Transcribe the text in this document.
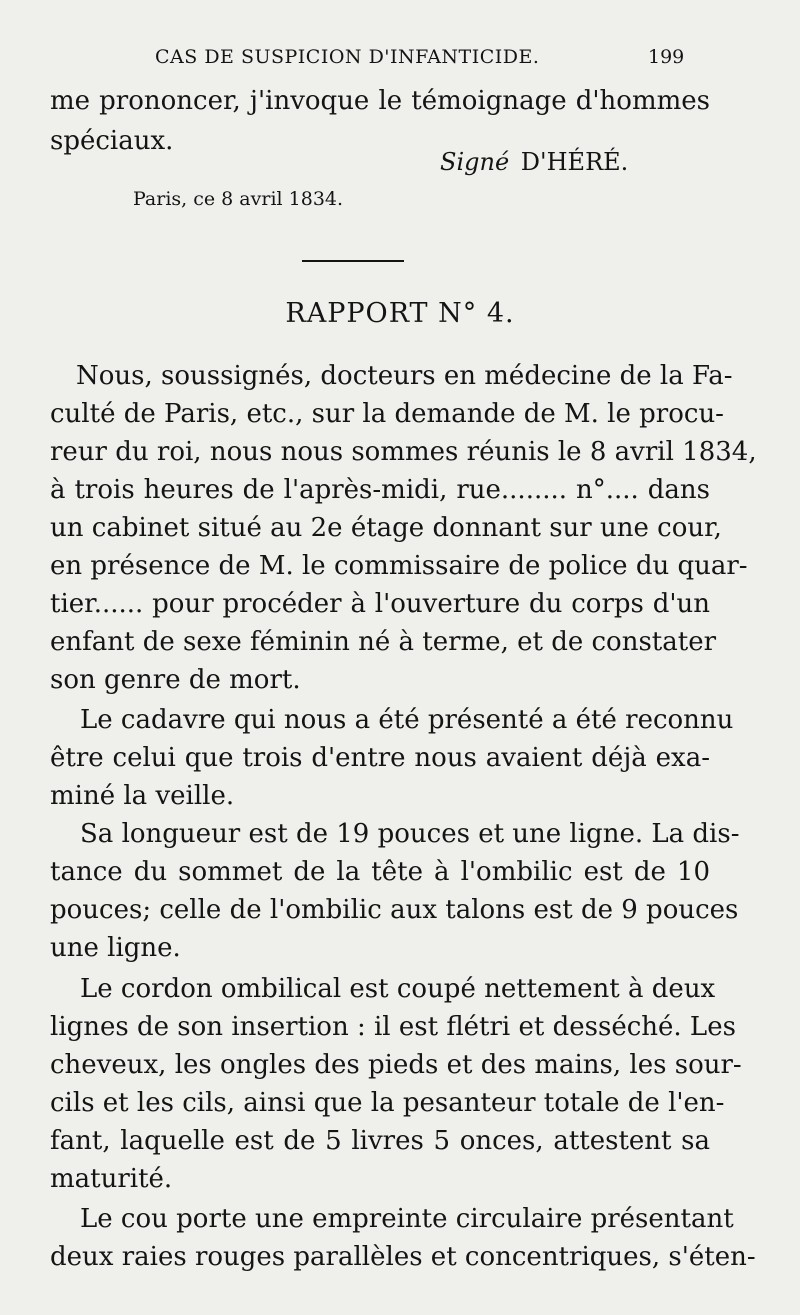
CAS DE SUSPICION D'INFANTICIDE.	199
me prononcer, j'invoque le témoignage d'hommes
spéciaux.
Signé D'HÉRÉ.
Paris, ce 8 avril 1834.
RAPPORT N° 4.
Nous, soussignés, docteurs en médecine de la Fa-
culté de Paris, etc., sur la demande de M. le procu-
reur du roi, nous nous sommes réunis le 8 avril 1834,
à trois heures de l'après-midi, rue........ n°.... dans
un cabinet situé au 2e étage donnant sur une cour,
en présence de M. le commissaire de police du quar-
tier...... pour procéder à l'ouverture du corps d'un
enfant de sexe féminin né à terme, et de constater
son genre de mort.
Le cadavre qui nous a été présenté a été reconnu
être celui que trois d'entre nous avaient déjà exa-
miné la veille.
Sa longueur est de 19 pouces et une ligne. La dis-
tance du sommet de la tête à l'ombilic est de 10
pouces; celle de l'ombilic aux talons est de 9 pouces
une ligne.
Le cordon ombilical est coupé nettement à deux
lignes de son insertion : il est flétri et desséché. Les
cheveux, les ongles des pieds et des mains, les sour-
cils et les cils, ainsi que la pesanteur totale de l'en-
fant, laquelle est de 5 livres 5 onces, attestent sa
maturité.
Le cou porte une empreinte circulaire présentant
deux raies rouges parallèles et concentriques, s'éten-
